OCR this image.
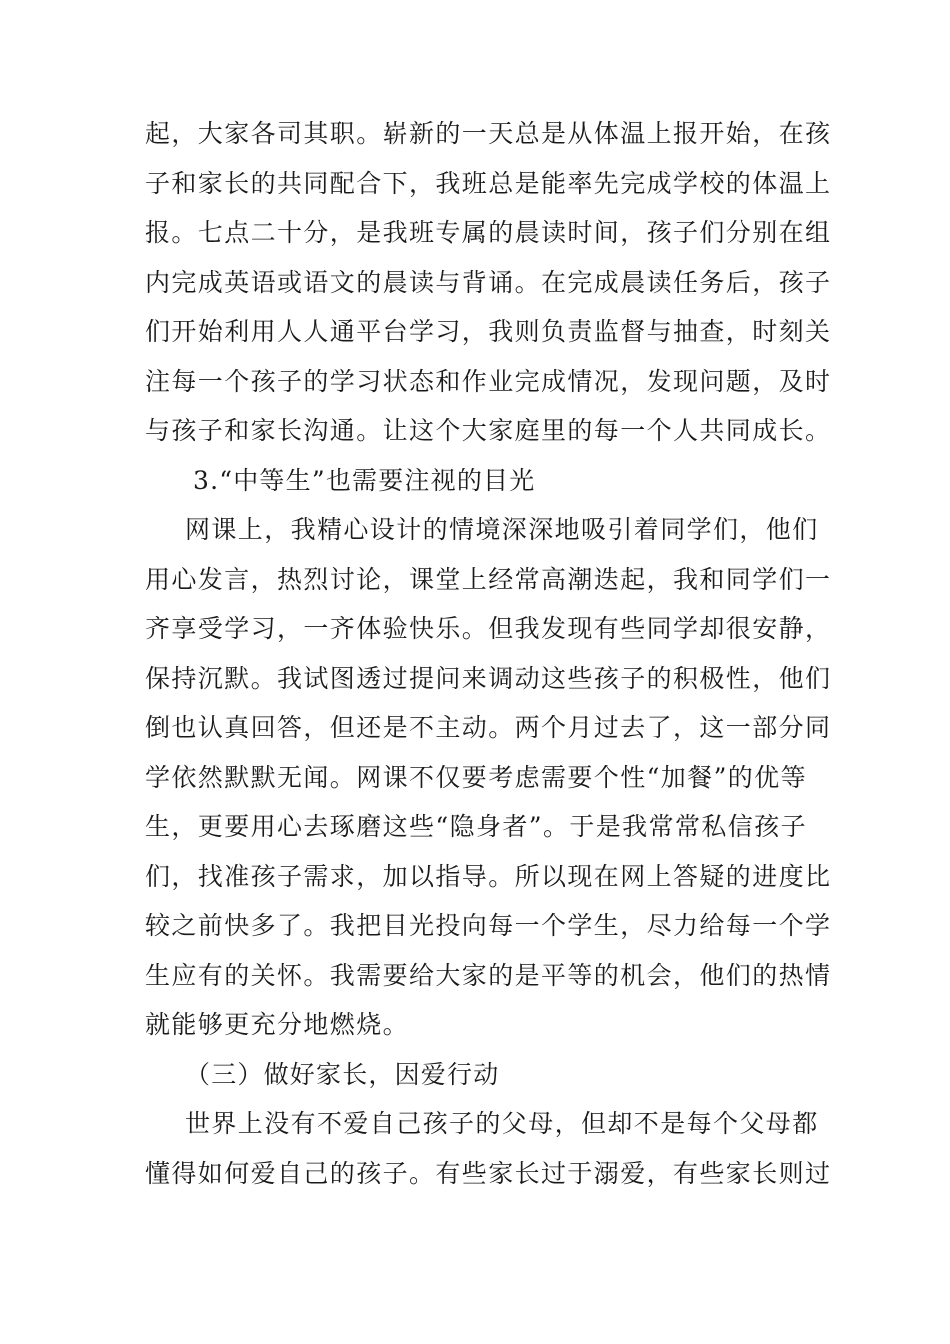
起，大家各司其职。崭新的一天总是从体温上报开始，在孩
子和家长的共同配合下，我班总是能率先完成学校的体温上
报。七点二十分，是我班专属的晨读时间，孩子们分别在组
内完成英语或语文的晨读与背诵。在完成晨读任务后，孩子
们开始利用人人通平台学习，我则负责监督与抽查，时刻关
注每一个孩子的学习状态和作业完成情况，发现问题，及时
与孩子和家长沟通。让这个大家庭里的每一个人共同成长。
3.“中等生”也需要注视的目光
网课上，我精心设计的情境深深地吸引着同学们，他们
用心发言，热烈讨论，课堂上经常高潮迭起，我和同学们一
齐享受学习，一齐体验快乐。但我发现有些同学却很安静，
保持沉默。我试图透过提问来调动这些孩子的积极性，他们
倒也认真回答，但还是不主动。两个月过去了，这一部分同
学依然默默无闻。网课不仅要考虑需要个性“加餐”的优等
生，更要用心去琢磨这些“隐身者”。于是我常常私信孩子
们，找准孩子需求，加以指导。所以现在网上答疑的进度比
较之前快多了。我把目光投向每一个学生，尽力给每一个学
生应有的关怀。我需要给大家的是平等的机会，他们的热情
就能够更充分地燃烧。
（三）做好家长，因爱行动
世界上没有不爱自己孩子的父母，但却不是每个父母都
懂得如何爱自己的孩子。有些家长过于溺爱，有些家长则过
